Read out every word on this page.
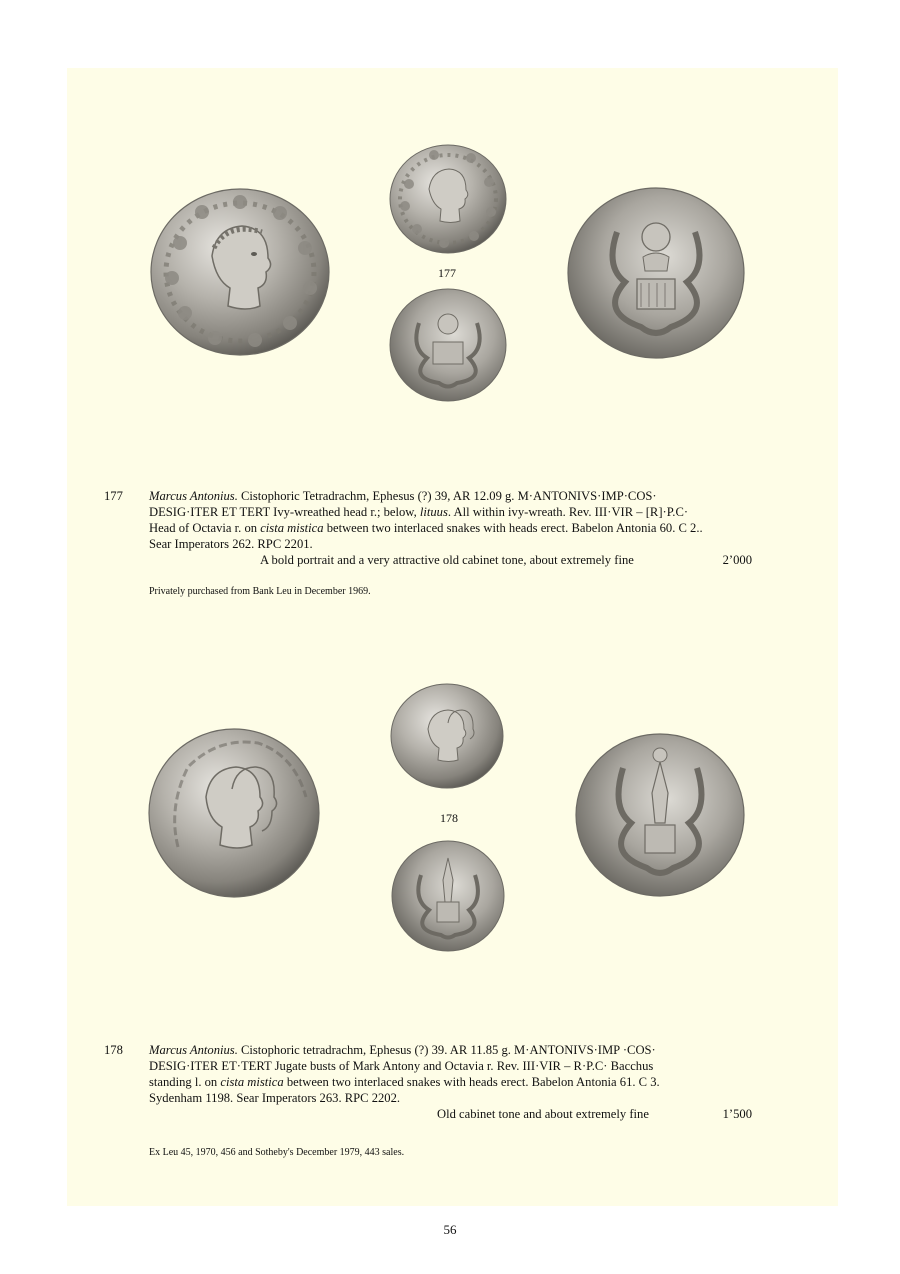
177
177 Marcus Antonius. Cistophoric Tetradrachm, Ephesus (?) 39, AR 12.09 g. M·ANTONIVS·IMP·COS·
DESIG·ITER ET TERT Ivy-wreathed head r.; below, lituus. All within ivy-wreath. Rev. III·VIR – [R]·P.C·
Head of Octavia r. on cista mistica between two interlaced snakes with heads erect. Babelon Antonia 60. C 2..
Sear Imperators 262. RPC 2201.
A bold portrait and a very attractive old cabinet tone, about extremely fine	2’000
Privately purchased from Bank Leu in December 1969.
178
178 Marcus Antonius. Cistophoric tetradrachm, Ephesus (?) 39. AR 11.85 g. M·ANTONIVS·IMP ·COS·
DESIG·ITER ET·TERT Jugate busts of Mark Antony and Octavia r. Rev. III·VIR – R·P.C· Bacchus
standing l. on cista mistica between two interlaced snakes with heads erect. Babelon Antonia 61. C 3.
Sydenham 1198. Sear Imperators 263. RPC 2202.
Old cabinet tone and about extremely fine	1’500
Ex Leu 45, 1970, 456 and Sotheby's December 1979, 443 sales.
56
